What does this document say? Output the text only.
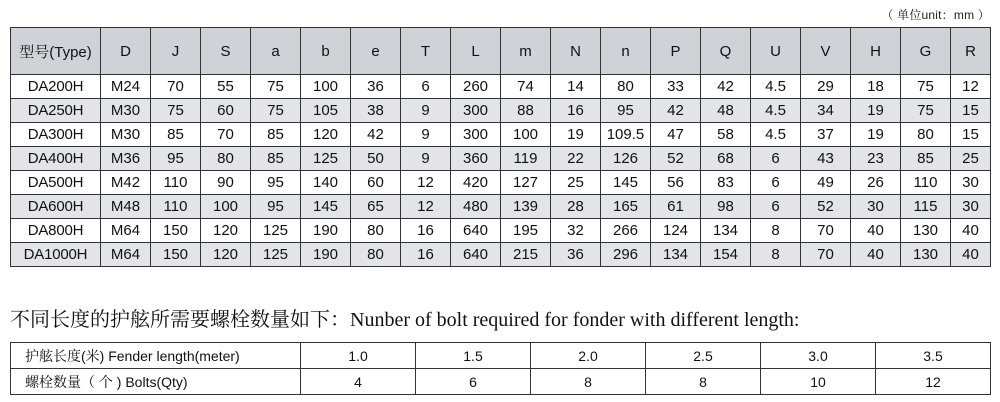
（ 单位unit：mm ）
型号(Type)	D	J	S	a	b	e	T	L	m	N	n	P	Q	U	V	H	G	R
DA200H	M24	70	55	75	100	36	6	260	74	14	80	33	42	4.5	29	18	75	12
DA250H	M30	75	60	75	105	38	9	300	88	16	95	42	48	4.5	34	19	75	15
DA300H	M30	85	70	85	120	42	9	300	100	19	109.5	47	58	4.5	37	19	80	15
DA400H	M36	95	80	85	125	50	9	360	119	22	126	52	68	6	43	23	85	25
DA500H	M42	110	90	95	140	60	12	420	127	25	145	56	83	6	49	26	110	30
DA600H	M48	110	100	95	145	65	12	480	139	28	165	61	98	6	52	30	115	30
DA800H	M64	150	120	125	190	80	16	640	195	32	266	124	134	8	70	40	130	40
DA1000H	M64	150	120	125	190	80	16	640	215	36	296	134	154	8	70	40	130	40
不同长度的护舷所需要螺栓数量如下：Nunber of bolt required for fonder with different length:
护舷长度(米) Fender length(meter)	1.0	1.5	2.0	2.5	3.0	3.5
螺栓数量（ 个 ) Bolts(Qty)	4	6	8	8	10	12
